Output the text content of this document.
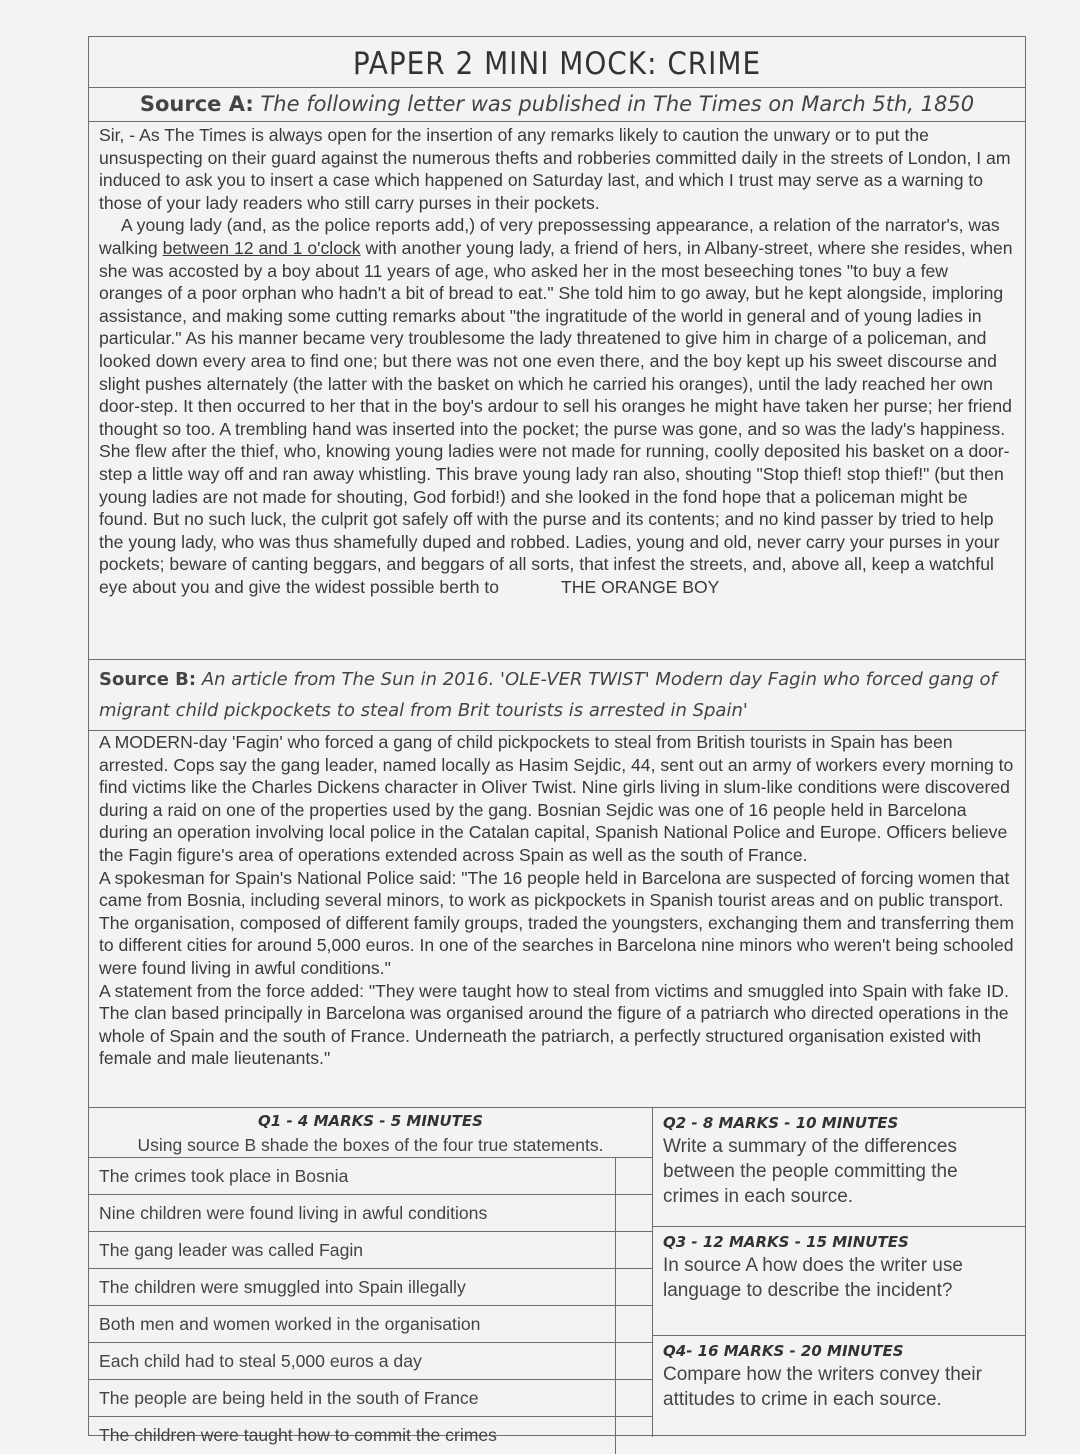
PAPER 2 MINI MOCK: CRIME
Source A: The following letter was published in The Times on March 5th, 1850

Sir, - As The Times is always open for the insertion of any remarks likely to caution the unwary or to put the unsuspecting on their guard against the numerous thefts and robberies committed daily in the streets of London, I am induced to ask you to insert a case which happened on Saturday last, and which I trust may serve as a warning to those of your lady readers who still carry purses in their pockets.

A young lady (and, as the police reports add,) of very prepossessing appearance, a relation of the narrator's, was walking between 12 and 1 o'clock with another young lady, a friend of hers, in Albany-street, where she resides, when she was accosted by a boy about 11 years of age, who asked her in the most beseeching tones "to buy a few oranges of a poor orphan who hadn't a bit of bread to eat." She told him to go away, but he kept alongside, imploring assistance, and making some cutting remarks about "the ingratitude of the world in general and of young ladies in particular." As his manner became very troublesome the lady threatened to give him in charge of a policeman, and looked down every area to find one; but there was not one even there, and the boy kept up his sweet discourse and slight pushes alternately (the latter with the basket on which he carried his oranges), until the lady reached her own door-step. It then occurred to her that in the boy's ardour to sell his oranges he might have taken her purse; her friend thought so too. A trembling hand was inserted into the pocket; the purse was gone, and so was the lady's happiness. She flew after the thief, who, knowing young ladies were not made for running, coolly deposited his basket on a door-step a little way off and ran away whistling. This brave young lady ran also, shouting "Stop thief! stop thief!" (but then young ladies are not made for shouting, God forbid!) and she looked in the fond hope that a policeman might be found. But no such luck, the culprit got safely off with the purse and its contents; and no kind passer by tried to help the young lady, who was thus shamefully duped and robbed. Ladies, young and old, never carry your purses in your pockets; beware of canting beggars, and beggars of all sorts, that infest the streets, and, above all, keep a watchful eye about you and give the widest possible berth to	THE ORANGE BOY

Source B: An article from The Sun in 2016. 'OLE-VER TWIST' Modern day Fagin who forced gang of migrant child pickpockets to steal from Brit tourists is arrested in Spain'

A MODERN-day 'Fagin' who forced a gang of child pickpockets to steal from British tourists in Spain has been arrested. Cops say the gang leader, named locally as Hasim Sejdic, 44, sent out an army of workers every morning to find victims like the Charles Dickens character in Oliver Twist. Nine girls living in slum-like conditions were discovered during a raid on one of the properties used by the gang. Bosnian Sejdic was one of 16 people held in Barcelona during an operation involving local police in the Catalan capital, Spanish National Police and Europe. Officers believe the Fagin figure's area of operations extended across Spain as well as the south of France.

A spokesman for Spain's National Police said: "The 16 people held in Barcelona are suspected of forcing women that came from Bosnia, including several minors, to work as pickpockets in Spanish tourist areas and on public transport. The organisation, composed of different family groups, traded the youngsters, exchanging them and transferring them to different cities for around 5,000 euros. In one of the searches in Barcelona nine minors who weren't being schooled were found living in awful conditions."

A statement from the force added: "They were taught how to steal from victims and smuggled into Spain with fake ID. The clan based principally in Barcelona was organised around the figure of a patriarch who directed operations in the whole of Spain and the south of France. Underneath the patriarch, a perfectly structured organisation existed with female and male lieutenants."

Q1 - 4 MARKS - 5 MINUTES
Using source B shade the boxes of the four true statements.
The crimes took place in Bosnia
Nine children were found living in awful conditions
The gang leader was called Fagin
The children were smuggled into Spain illegally
Both men and women worked in the organisation
Each child had to steal 5,000 euros a day
The people are being held in the south of France
The children were taught how to commit the crimes
Q2 - 8 MARKS - 10 MINUTES
Write a summary of the differences between the people committing the crimes in each source.
Q3 - 12 MARKS - 15 MINUTES
In source A how does the writer use language to describe the incident?
Q4- 16 MARKS - 20 MINUTES
Compare how the writers convey their attitudes to crime in each source.
